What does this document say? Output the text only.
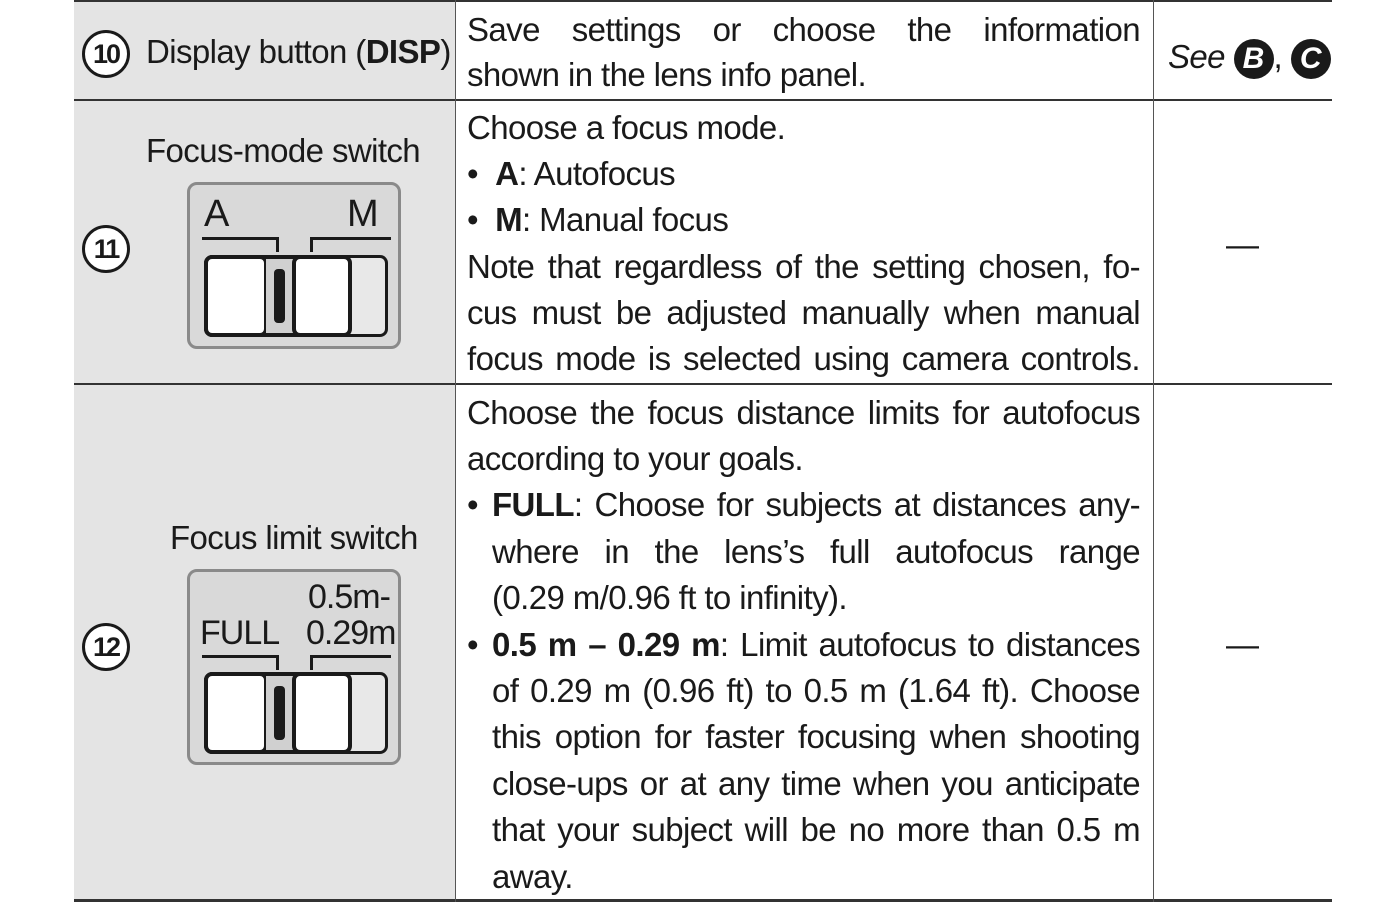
10 Display button (DISP)
Save settings or choose the information
shown in the lens info panel.	See B , C
11
Focus-mode switch
A	M
Choose a focus mode.
• A: Autofocus
• M: Manual focus
Note that regardless of the setting chosen, fo-
cus must be adjusted manually when manual
focus mode is selected using camera controls.
—
12
Focus limit switch
0.5m-
FULL 0.29m
Choose the focus distance limits for autofocus
according to your goals.
• FULL: Choose for subjects at distances any-
where in the lens’s full autofocus range
(0.29 m/0.96 ft to infinity).
• 0.5 m – 0.29 m: Limit autofocus to distances
of 0.29 m (0.96 ft) to 0.5 m (1.64 ft). Choose
this option for faster focusing when shooting
close-ups or at any time when you anticipate
that your subject will be no more than 0.5 m
away.
—
